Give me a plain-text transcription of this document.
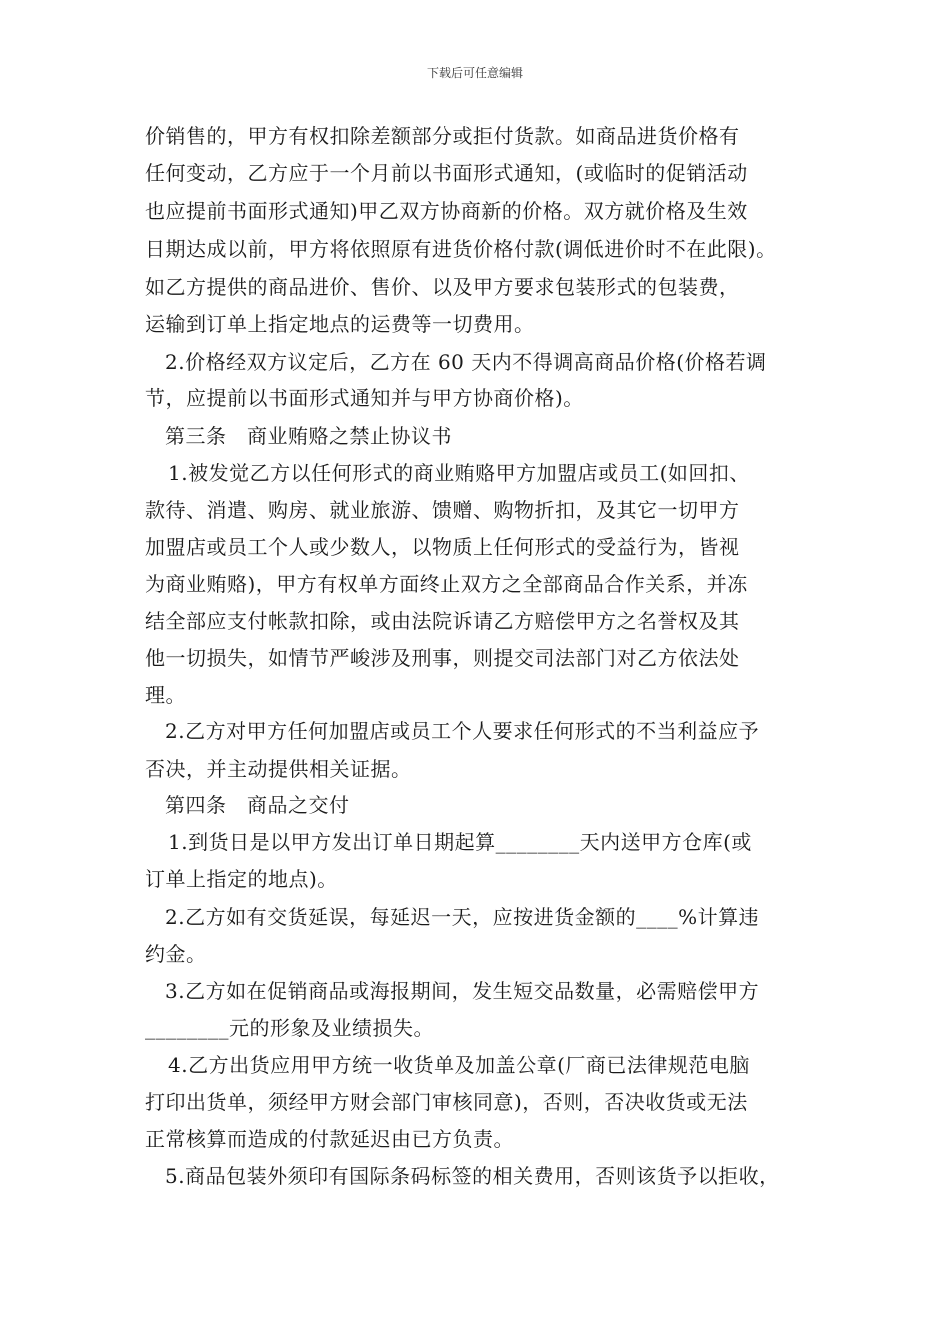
下载后可任意编辑
价销售的，甲方有权扣除差额部分或拒付货款。如商品进货价格有
任何变动，乙方应于一个月前以书面形式通知，(或临时的促销活动
也应提前书面形式通知)甲乙双方协商新的价格。双方就价格及生效
日期达成以前，甲方将依照原有进货价格付款(调低进价时不在此限)。
如乙方提供的商品进价、售价、以及甲方要求包装形式的包装费，
运输到订单上指定地点的运费等一切费用。
2.价格经双方议定后，乙方在 60 天内不得调高商品价格(价格若调
节，应提前以书面形式通知并与甲方协商价格)。
第三条　商业贿赂之禁止协议书
1.被发觉乙方以任何形式的商业贿赂甲方加盟店或员工(如回扣、
款待、消遣、购房、就业旅游、馈赠、购物折扣，及其它一切甲方
加盟店或员工个人或少数人，以物质上任何形式的受益行为，皆视
为商业贿赂)，甲方有权单方面终止双方之全部商品合作关系，并冻
结全部应支付帐款扣除，或由法院诉请乙方赔偿甲方之名誉权及其
他一切损失，如情节严峻涉及刑事，则提交司法部门对乙方依法处
理。
2.乙方对甲方任何加盟店或员工个人要求任何形式的不当利益应予
否决，并主动提供相关证据。
第四条　商品之交付
1.到货日是以甲方发出订单日期起算________天内送甲方仓库(或
订单上指定的地点)。
2.乙方如有交货延误，每延迟一天，应按进货金额的____%计算违
约金。
3.乙方如在促销商品或海报期间，发生短交品数量，必需赔偿甲方
________元的形象及业绩损失。
4.乙方出货应用甲方统一收货单及加盖公章(厂商已法律规范电脑
打印出货单，须经甲方财会部门审核同意)，否则，否决收货或无法
正常核算而造成的付款延迟由已方负责。
5.商品包装外须印有国际条码标签的相关费用，否则该货予以拒收，
